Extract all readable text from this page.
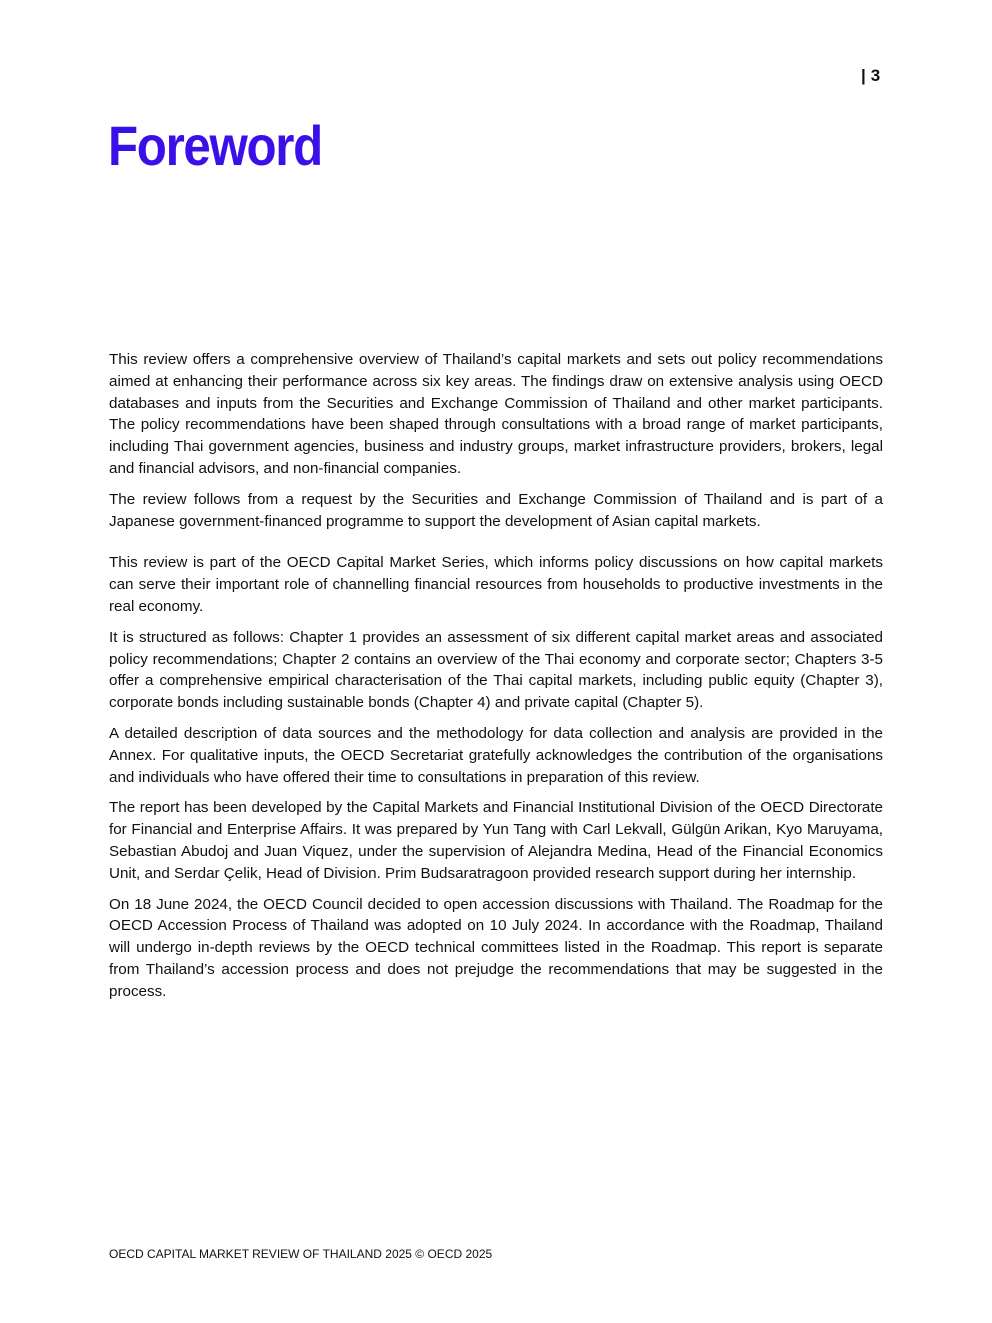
| 3
Foreword

This review offers a comprehensive overview of Thailand’s capital markets and sets out policy recommendations aimed at enhancing their performance across six key areas. The findings draw on extensive analysis using OECD databases and inputs from the Securities and Exchange Commission of Thailand and other market participants. The policy recommendations have been shaped through consultations with a broad range of market participants, including Thai government agencies, business and industry groups, market infrastructure providers, brokers, legal and financial advisors, and non-financial companies.

The review follows from a request by the Securities and Exchange Commission of Thailand and is part of a Japanese government-financed programme to support the development of Asian capital markets.

This review is part of the OECD Capital Market Series, which informs policy discussions on how capital markets can serve their important role of channelling financial resources from households to productive investments in the real economy.

It is structured as follows: Chapter 1 provides an assessment of six different capital market areas and associated policy recommendations; Chapter 2 contains an overview of the Thai economy and corporate sector; Chapters 3-5 offer a comprehensive empirical characterisation of the Thai capital markets, including public equity (Chapter 3), corporate bonds including sustainable bonds (Chapter 4) and private capital (Chapter 5).

A detailed description of data sources and the methodology for data collection and analysis are provided in the Annex. For qualitative inputs, the OECD Secretariat gratefully acknowledges the contribution of the organisations and individuals who have offered their time to consultations in preparation of this review.

The report has been developed by the Capital Markets and Financial Institutional Division of the OECD Directorate for Financial and Enterprise Affairs. It was prepared by Yun Tang with Carl Lekvall, Gülgün Arikan, Kyo Maruyama, Sebastian Abudoj and Juan Viquez, under the supervision of Alejandra Medina, Head of the Financial Economics Unit, and Serdar Çelik, Head of Division. Prim Budsaratragoon provided research support during her internship.

On 18 June 2024, the OECD Council decided to open accession discussions with Thailand. The Roadmap for the OECD Accession Process of Thailand was adopted on 10 July 2024. In accordance with the Roadmap, Thailand will undergo in-depth reviews by the OECD technical committees listed in the Roadmap. This report is separate from Thailand’s accession process and does not prejudge the recommendations that may be suggested in the process.

OECD CAPITAL MARKET REVIEW OF THAILAND 2025 © OECD 2025
